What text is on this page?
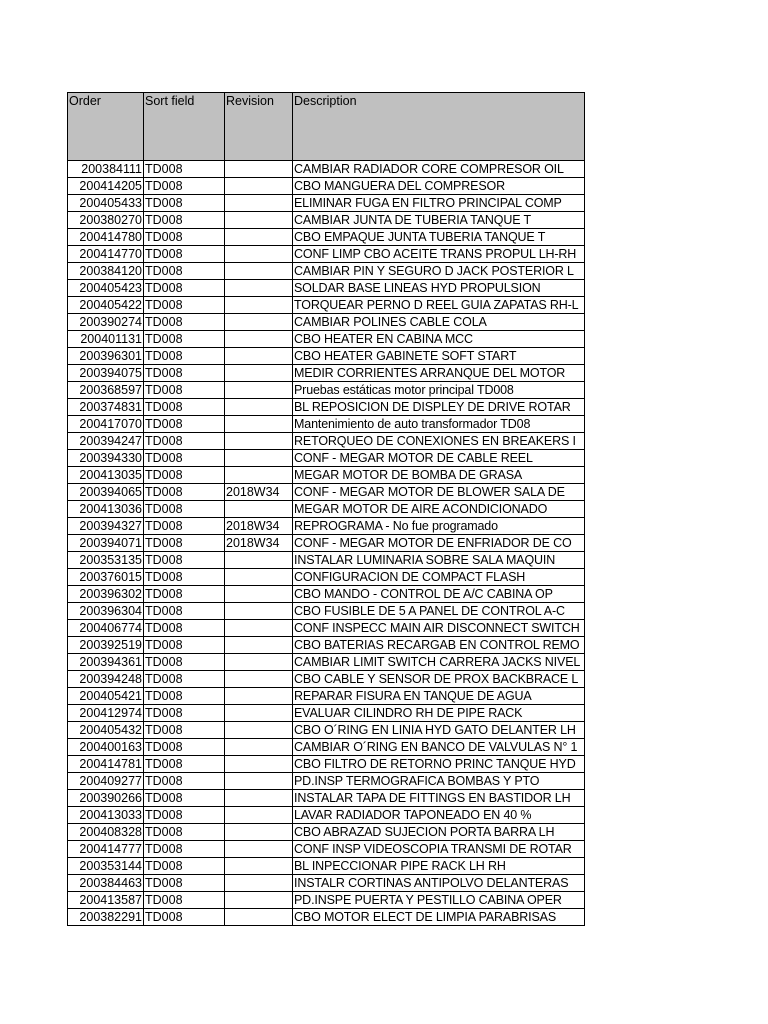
Order	Sort field	Revision	Description
200384111	TD008		CAMBIAR RADIADOR CORE COMPRESOR OIL
200414205	TD008		CBO MANGUERA DEL COMPRESOR
200405433	TD008		ELIMINAR FUGA EN FILTRO PRINCIPAL COMP
200380270	TD008		CAMBIAR JUNTA DE TUBERIA TANQUE T
200414780	TD008		CBO EMPAQUE JUNTA TUBERIA TANQUE T
200414770	TD008		CONF LIMP CBO ACEITE TRANS PROPUL LH-RH
200384120	TD008		CAMBIAR PIN Y SEGURO D JACK POSTERIOR L
200405423	TD008		SOLDAR BASE LINEAS HYD PROPULSION
200405422	TD008		TORQUEAR PERNO D REEL GUIA ZAPATAS RH-L
200390274	TD008		CAMBIAR POLINES CABLE COLA
200401131	TD008		CBO HEATER EN CABINA MCC
200396301	TD008		CBO HEATER GABINETE SOFT START
200394075	TD008		MEDIR CORRIENTES ARRANQUE DEL MOTOR
200368597	TD008		Pruebas estáticas motor principal TD008
200374831	TD008		BL REPOSICION DE DISPLEY DE DRIVE ROTAR
200417070	TD008		Mantenimiento de auto transformador TD08
200394247	TD008		RETORQUEO DE CONEXIONES EN BREAKERS I
200394330	TD008		CONF - MEGAR MOTOR DE CABLE REEL
200413035	TD008		MEGAR MOTOR DE BOMBA DE GRASA
200394065	TD008	2018W34	CONF - MEGAR MOTOR DE BLOWER SALA DE
200413036	TD008		MEGAR MOTOR DE AIRE ACONDICIONADO
200394327	TD008	2018W34	REPROGRAMA - No fue programado
200394071	TD008	2018W34	CONF - MEGAR MOTOR DE ENFRIADOR DE CO
200353135	TD008		INSTALAR LUMINARIA SOBRE SALA MAQUIN
200376015	TD008		CONFIGURACION DE COMPACT FLASH
200396302	TD008		CBO MANDO - CONTROL DE A/C CABINA OP
200396304	TD008		CBO FUSIBLE DE 5 A PANEL DE CONTROL A-C
200406774	TD008		CONF INSPECC MAIN AIR DISCONNECT SWITCH
200392519	TD008		CBO BATERIAS RECARGAB EN CONTROL REMO
200394361	TD008		CAMBIAR LIMIT SWITCH CARRERA JACKS NIVEL
200394248	TD008		CBO CABLE Y SENSOR DE PROX BACKBRACE L
200405421	TD008		REPARAR FISURA EN TANQUE DE AGUA
200412974	TD008		EVALUAR CILINDRO RH DE PIPE RACK
200405432	TD008		CBO O´RING EN LINIA HYD GATO DELANTER LH
200400163	TD008		CAMBIAR O´RING EN BANCO DE VALVULAS N° 1
200414781	TD008		CBO FILTRO DE RETORNO PRINC TANQUE HYD
200409277	TD008		PD.INSP TERMOGRAFICA BOMBAS Y PTO
200390266	TD008		INSTALAR TAPA DE FITTINGS EN BASTIDOR LH
200413033	TD008		LAVAR RADIADOR TAPONEADO EN 40 %
200408328	TD008		CBO ABRAZAD SUJECION PORTA BARRA LH
200414777	TD008		CONF INSP VIDEOSCOPIA TRANSMI DE ROTAR
200353144	TD008		BL INPECCIONAR PIPE RACK LH RH
200384463	TD008		INSTALR CORTINAS ANTIPOLVO DELANTERAS
200413587	TD008		PD.INSPE PUERTA Y PESTILLO CABINA OPER
200382291	TD008		CBO MOTOR ELECT DE LIMPIA PARABRISAS
